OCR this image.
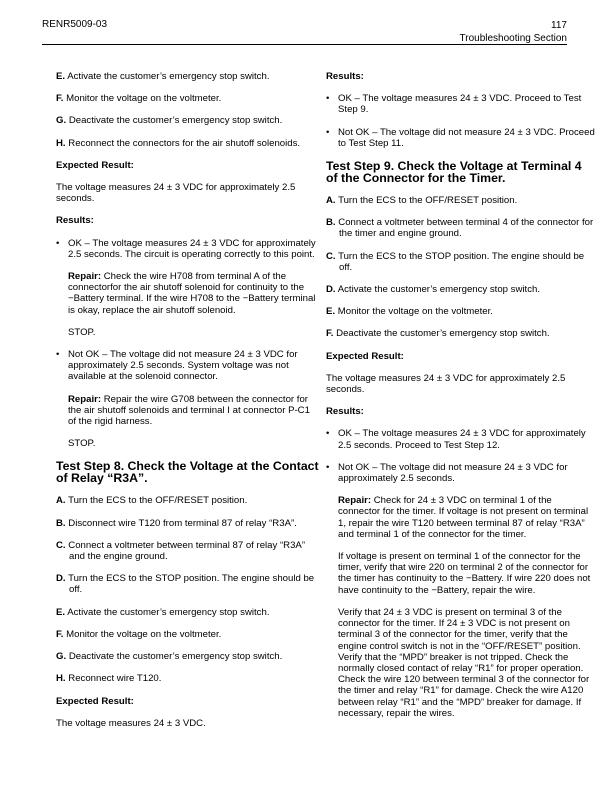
RENR5009-03	117
Troubleshooting Section

E. Activate the customer’s emergency stop switch.

F. Monitor the voltage on the voltmeter.

G. Deactivate the customer’s emergency stop switch.

H. Reconnect the connectors for the air shutoff solenoids.

Expected Result:

The voltage measures 24 ± 3 VDC for approximately 2.5 seconds.

Results:

• OK – The voltage measures 24 ± 3 VDC for approximately 2.5 seconds. The circuit is operating correctly to this point.

Repair: Check the wire H708 from terminal A of the connectorfor the air shutoff solenoid for continuity to the −Battery terminal. If the wire H708 to the −Battery terminal is okay, replace the air shutoff solenoid.

STOP.

• Not OK – The voltage did not measure 24 ± 3 VDC for approximately 2.5 seconds. System voltage was not available at the solenoid connector.

Repair: Repair the wire G708 between the connector for the air shutoff solenoids and terminal I at connector P-C1 of the rigid harness.

STOP.

Test Step 8. Check the Voltage at the Contact of Relay “R3A”.

A. Turn the ECS to the OFF/RESET position.

B. Disconnect wire T120 from terminal 87 of relay “R3A”.

C. Connect a voltmeter between terminal 87 of relay “R3A” and the engine ground.

D. Turn the ECS to the STOP position. The engine should be off.

E. Activate the customer’s emergency stop switch.

F. Monitor the voltage on the voltmeter.

G. Deactivate the customer’s emergency stop switch.

H. Reconnect wire T120.

Expected Result:

The voltage measures 24 ± 3 VDC.

Results:

• OK – The voltage measures 24 ± 3 VDC. Proceed to Test Step 9.

• Not OK – The voltage did not measure 24 ± 3 VDC. Proceed to Test Step 11.

Test Step 9. Check the Voltage at Terminal 4 of the Connector for the Timer.

A. Turn the ECS to the OFF/RESET position.

B. Connect a voltmeter between terminal 4 of the connector for the timer and engine ground.

C. Turn the ECS to the STOP position. The engine should be off.

D. Activate the customer’s emergency stop switch.

E. Monitor the voltage on the voltmeter.

F. Deactivate the customer’s emergency stop switch.

Expected Result:

The voltage measures 24 ± 3 VDC for approximately 2.5 seconds.

Results:

• OK – The voltage measures 24 ± 3 VDC for approximately 2.5 seconds. Proceed to Test Step 12.

• Not OK – The voltage did not measure 24 ± 3 VDC for approximately 2.5 seconds.

Repair: Check for 24 ± 3 VDC on terminal 1 of the connector for the timer. If voltage is not present on terminal 1, repair the wire T120 between terminal 87 of relay “R3A” and terminal 1 of the connector for the timer.

If voltage is present on terminal 1 of the connector for the timer, verify that wire 220 on terminal 2 of the connector for the timer has continuity to the −Battery. If wire 220 does not have continuity to the −Battery, repair the wire.

Verify that 24 ± 3 VDC is present on terminal 3 of the connector for the timer. If 24 ± 3 VDC is not present on terminal 3 of the connector for the timer, verify that the engine control switch is not in the “OFF/RESET” position. Verify that the “MPD” breaker is not tripped. Check the normally closed contact of relay “R1” for proper operation. Check the wire 120 between terminal 3 of the connector for the timer and relay “R1” for damage. Check the wire A120 between relay “R1” and the “MPD” breaker for damage. If necessary, repair the wires.
